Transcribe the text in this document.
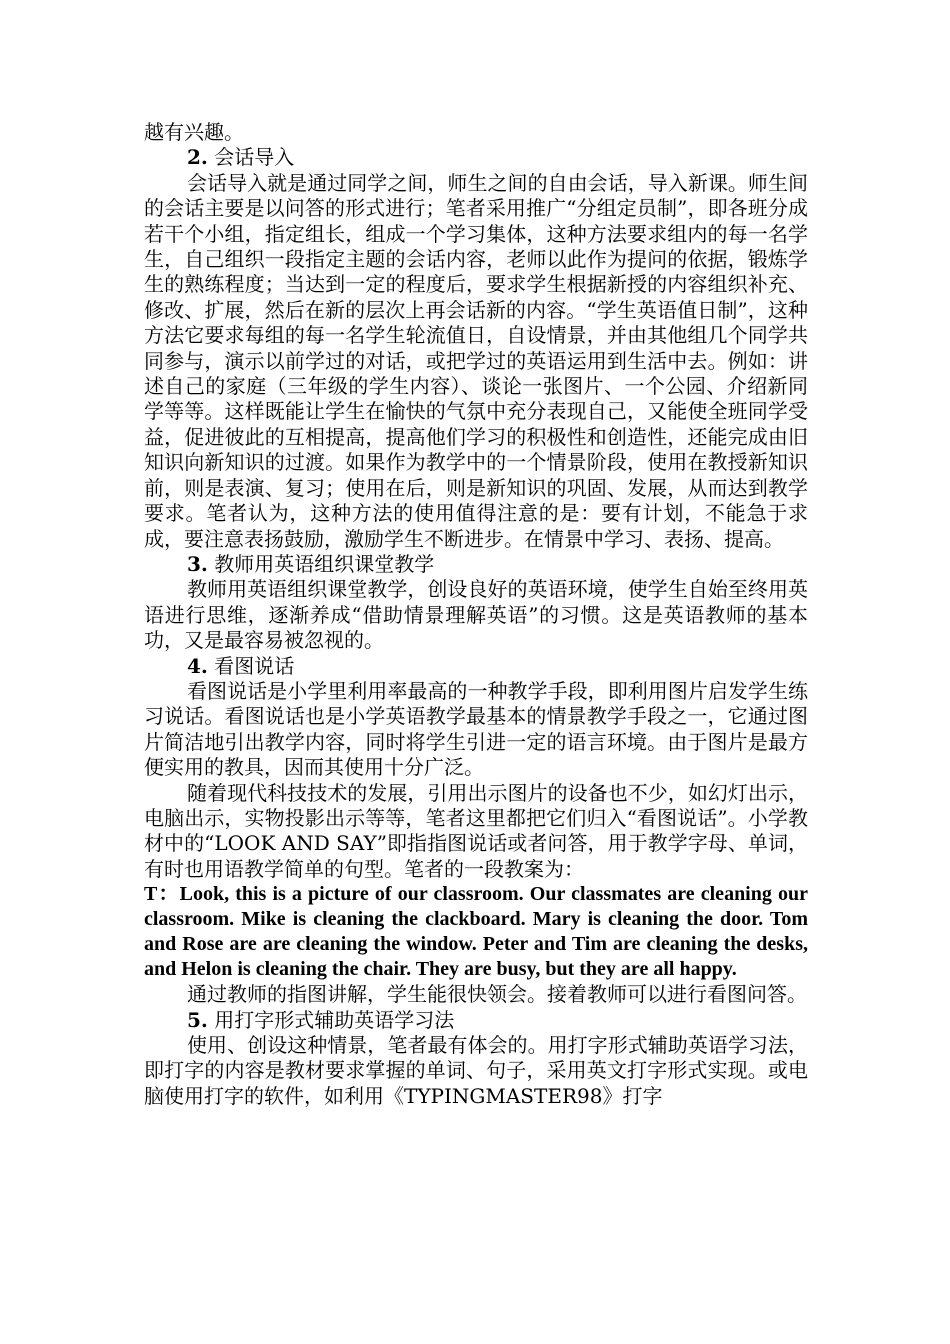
越有兴趣。

2. 会话导入

会话导入就是通过同学之间，师生之间的自由会话，导入新课。师生间的会话主要是以问答的形式进行；笔者采用推广“分组定员制”，即各班分成若干个小组，指定组长，组成一个学习集体，这种方法要求组内的每一名学生，自己组织一段指定主题的会话内容，老师以此作为提问的依据，锻炼学生的熟练程度；当达到一定的程度后，要求学生根据新授的内容组织补充、修改、扩展，然后在新的层次上再会话新的内容。“学生英语值日制”，这种方法它要求每组的每一名学生轮流值日，自设情景，并由其他组几个同学共同参与，演示以前学过的对话，或把学过的英语运用到生活中去。例如：讲述自己的家庭（三年级的学生内容）、谈论一张图片、一个公园、介绍新同学等等。这样既能让学生在愉快的气氛中充分表现自己，又能使全班同学受益，促进彼此的互相提高，提高他们学习的积极性和创造性，还能完成由旧知识向新知识的过渡。如果作为教学中的一个情景阶段，使用在教授新知识前，则是表演、复习；使用在后，则是新知识的巩固、发展，从而达到教学要求。笔者认为，这种方法的使用值得注意的是：要有计划，不能急于求成，要注意表扬鼓励，激励学生不断进步。在情景中学习、表扬、提高。

3. 教师用英语组织课堂教学

教师用英语组织课堂教学，创设良好的英语环境，使学生自始至终用英语进行思维，逐渐养成“借助情景理解英语”的习惯。这是英语教师的基本功，又是最容易被忽视的。

4. 看图说话

看图说话是小学里利用率最高的一种教学手段，即利用图片启发学生练习说话。看图说话也是小学英语教学最基本的情景教学手段之一，它通过图片简洁地引出教学内容，同时将学生引进一定的语言环境。由于图片是最方便实用的教具，因而其使用十分广泛。

随着现代科技技术的发展，引用出示图片的设备也不少，如幻灯出示，电脑出示，实物投影出示等等，笔者这里都把它们归入“看图说话”。小学教材中的“LOOK AND SAY”即指指图说话或者问答，用于教学字母、单词，有时也用语教学简单的句型。笔者的一段教案为：

T：Look, this is a picture of our classroom. Our classmates are cleaning our classroom. Mike is cleaning the clackboard. Mary is cleaning the door. Tom and Rose are are cleaning the window. Peter and Tim are cleaning the desks, and Helon is cleaning the chair. They are busy, but they are all happy.

通过教师的指图讲解，学生能很快领会。接着教师可以进行看图问答。

5. 用打字形式辅助英语学习法

使用、创设这种情景，笔者最有体会的。用打字形式辅助英语学习法，即打字的内容是教材要求掌握的单词、句子，采用英文打字形式实现。或电脑使用打字的软件，如利用《TYPINGMASTER98》打字
